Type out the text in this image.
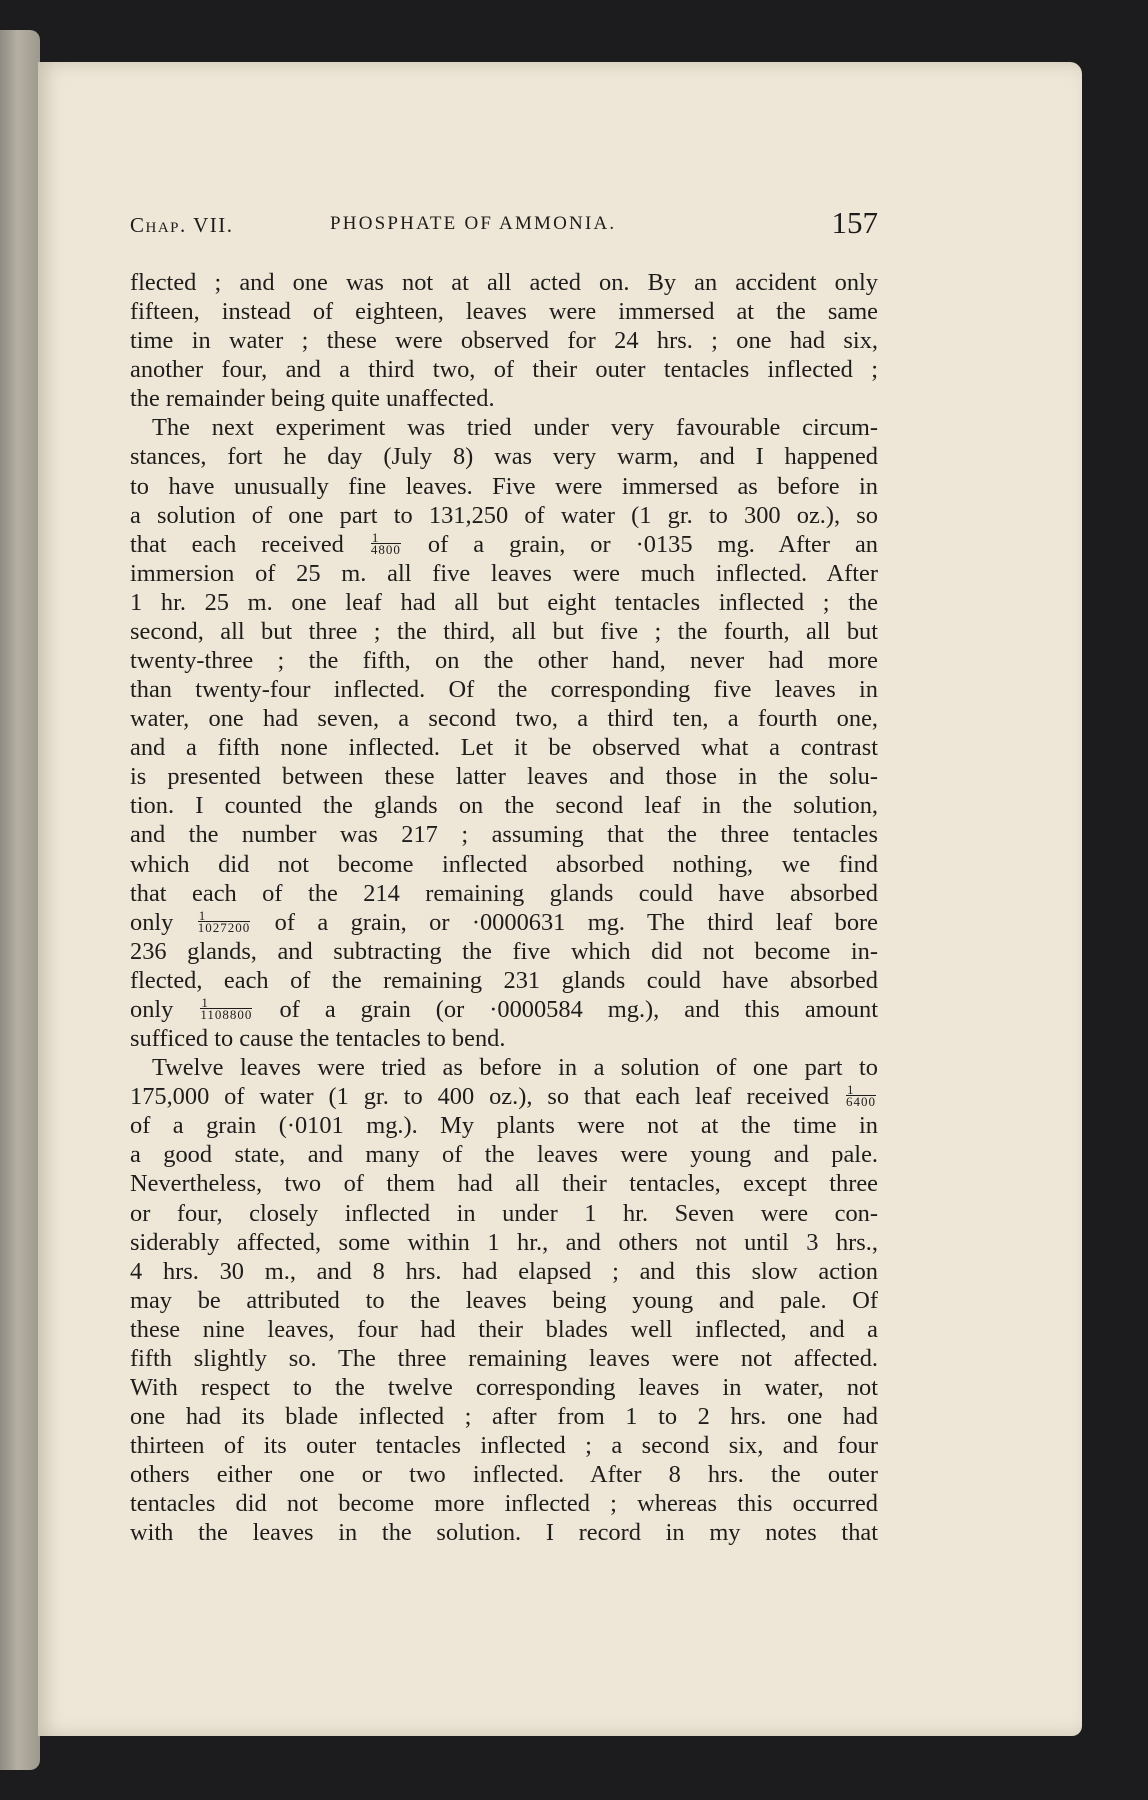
Chap. VII.	PHOSPHATE OF AMMONIA.	157
flected ; and one was not at all acted on. By an accident only
fifteen, instead of eighteen, leaves were immersed at the same
time in water ; these were observed for 24 hrs. ; one had six,
another four, and a third two, of their outer tentacles inflected ;
the remainder being quite unaffected.
The next experiment was tried under very favourable circum-
stances, fort he day (July 8) was very warm, and I happened
to have unusually fine leaves. Five were immersed as before in
a solution of one part to 131,250 of water (1 gr. to 300 oz.), so
that each received $\frac{1}{4800}$ of a grain, or ·0135 mg. After an
immersion of 25 m. all five leaves were much inflected. After
1 hr. 25 m. one leaf had all but eight tentacles inflected ; the
second, all but three ; the third, all but five ; the fourth, all but
twenty-three ; the fifth, on the other hand, never had more
than twenty-four inflected. Of the corresponding five leaves in
water, one had seven, a second two, a third ten, a fourth one,
and a fifth none inflected. Let it be observed what a contrast
is presented between these latter leaves and those in the solu-
tion. I counted the glands on the second leaf in the solution,
and the number was 217 ; assuming that the three tentacles
which did not become inflected absorbed nothing, we find
that each of the 214 remaining glands could have absorbed
only $\frac{1}{1027200}$ of a grain, or ·0000631 mg. The third leaf bore
236 glands, and subtracting the five which did not become in-
flected, each of the remaining 231 glands could have absorbed
only $\frac{1}{1108800}$ of a grain (or ·0000584 mg.), and this amount
sufficed to cause the tentacles to bend.
Twelve leaves were tried as before in a solution of one part to
175,000 of water (1 gr. to 400 oz.), so that each leaf received $\frac{1}{6400}$
of a grain (·0101 mg.). My plants were not at the time in
a good state, and many of the leaves were young and pale.
Nevertheless, two of them had all their tentacles, except three
or four, closely inflected in under 1 hr. Seven were con-
siderably affected, some within 1 hr., and others not until 3 hrs.,
4 hrs. 30 m., and 8 hrs. had elapsed ; and this slow action
may be attributed to the leaves being young and pale. Of
these nine leaves, four had their blades well inflected, and a
fifth slightly so. The three remaining leaves were not affected.
With respect to the twelve corresponding leaves in water, not
one had its blade inflected ; after from 1 to 2 hrs. one had
thirteen of its outer tentacles inflected ; a second six, and four
others either one or two inflected. After 8 hrs. the outer
tentacles did not become more inflected ; whereas this occurred
with the leaves in the solution. I record in my notes that
